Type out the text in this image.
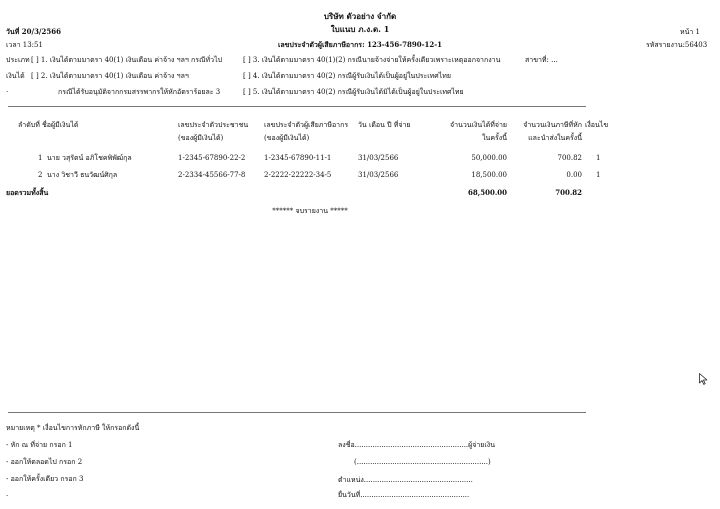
บริษัท ตัวอย่าง จำกัด
ใบแนบ ภ.ง.ด. 1
วันที่ 20/3/2566	หน้า 1
เวลา 13:51	เลขประจำตัวผู้เสียภาษีอากร: 123-456-7890-12-1	รหัสรายงาน:56403
ประเภท [ ] 1. เงินได้ตามมาตรา 40(1) เงินเดือน ค่าจ้าง ฯลฯ กรณีทั่วไป	[ ] 3. เงินได้ตามมาตรา 40(1)(2) กรณีนายจ้างจ่ายให้ครั้งเดียวเพราะเหตุออกจากงาน	สาขาที่: ...
เงินได้ [ ] 2. เงินได้ตามมาตรา 40(1) เงินเดือน ค่าจ้าง ฯลฯ	[ ] 4. เงินได้ตามมาตรา 40(2) กรณีผู้รับเงินได้เป็นผู้อยู่ในประเทศไทย
.	กรณีได้รับอนุมัติจากกรมสรรพากรให้หักอัตราร้อยละ 3	[ ] 5. เงินได้ตามมาตรา 40(2) กรณีผู้รับเงินได้มิได้เป็นผู้อยู่ในประเทศไทย
ลำดับที่ ชื่อผู้มีเงินได้	เลขประจำตัวประชาชน
(ของผู้มีเงินได้)
เลขประจำตัวผู้เสียภาษีอากร
(ของผู้มีเงินได้)
วัน เดือน ปี ที่จ่าย	จำนวนเงินได้ที่จ่าย
ในครั้งนี้
จำนวนเงินภาษีที่หัก
และนำส่งในครั้งนี้
เงื่อนไข
1 นาย วสุรัตน์ อภิโชคพิพัฒ์กุล	1-2345-67890-22-2	1-2345-67890-11-1	31/03/2566	50,000.00	700.82 1
2 นาง วิชาวี ธนวัฒน์ศิกุล	2-2334-45566-77-8	2-2222-22222-34-5	31/03/2566	18,500.00	0.00 1
ยอดรวมทั้งสิ้น	68,500.00	700.82
****** จบรายงาน *****
หมายเหตุ * เงื่อนไขการหักภาษี ให้กรอกดังนี้
- หัก ณ ที่จ่าย กรอก 1
- ออกให้ตลอดไป กรอก 2
- ออกให้ครั้งเดียว กรอก 3
.
ลงชื่อ...................................................ผู้จ่ายเงิน
(...........................................................)
ตำแหน่ง.................................................
ยื่นวันที่.................................................
